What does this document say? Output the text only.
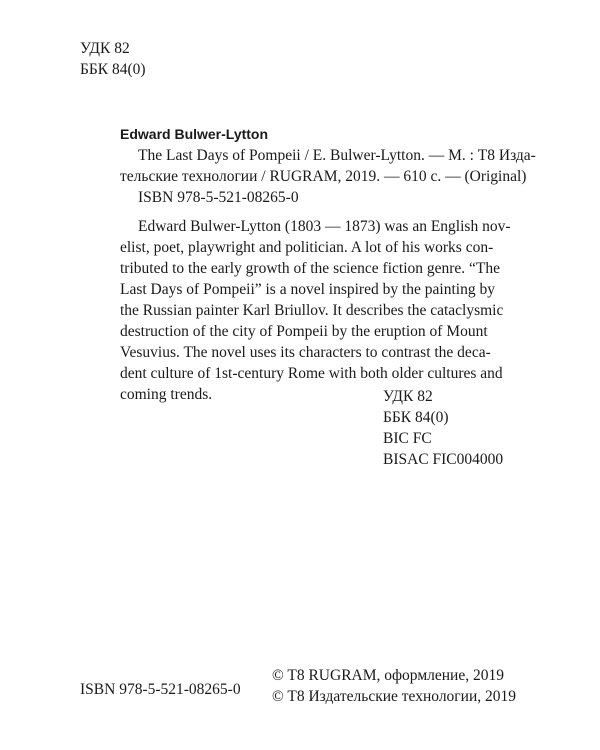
УДК 82
ББК 84(0)
Edward Bulwer-Lytton
The Last Days of Pompeii / E. Bulwer-Lytton. — М. : T8 Изда-
тельские технологии / RUGRAM, 2019. — 610 с. — (Original)
ISBN 978-5-521-08265-0
Edward Bulwer-Lytton (1803 — 1873) was an English nov-
elist, poet, playwright and politician. A lot of his works con-
tributed to the early growth of the science fiction genre. “The
Last Days of Pompeii” is a novel inspired by the painting by
the Russian painter Karl Briullov. It describes the cataclysmic
destruction of the city of Pompeii by the eruption of Mount
Vesuvius. The novel uses its characters to contrast the deca-
dent culture of 1st-century Rome with both older cultures and
coming trends.	УДК 82
ББК 84(0)
BIC FC
BISAC FIC004000
ISBN 978-5-521-08265-0
© T8 RUGRAM, оформление, 2019
© T8 Издательские технологии, 2019
